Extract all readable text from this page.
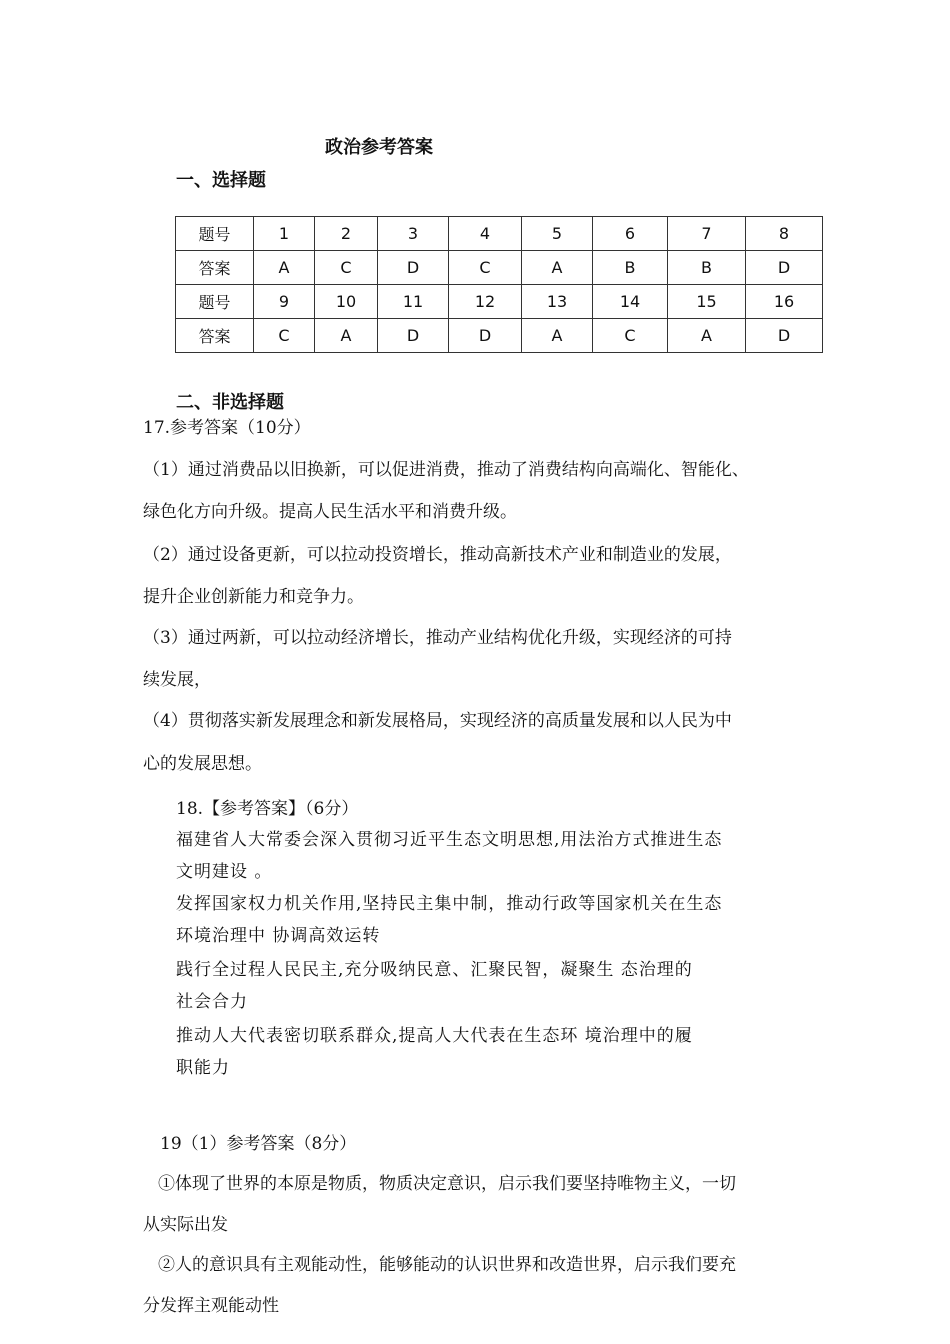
政治参考答案
一、选择题
题号	1	2	3	4	5	6	7	8
答案	A	C	D	C	A	B	B	D
题号	9	10	11	12	13	14	15	16
答案	C	A	D	D	A	C	A	D
二、非选择题
17.参考答案（10分）
（1）通过消费品以旧换新，可以促进消费，推动了消费结构向高端化、智能化、
绿色化方向升级。提高人民生活水平和消费升级。
（2）通过设备更新，可以拉动投资增长，推动高新技术产业和制造业的发展，
提升企业创新能力和竞争力。
（3）通过两新，可以拉动经济增长，推动产业结构优化升级，实现经济的可持
续发展，
（4）贯彻落实新发展理念和新发展格局，实现经济的高质量发展和以人民为中
心的发展思想。
18.【参考答案】（6分）
福建省人大常委会深入贯彻习近平生态文明思想,用法治方式推进生态
文明建设 。
发挥国家权力机关作用,坚持民主集中制，推动行政等国家机关在生态
环境治理中 协调高效运转
践行全过程人民民主,充分吸纳民意、汇聚民智，凝聚生 态治理的
社会合力
推动人大代表密切联系群众,提高人大代表在生态环 境治理中的履
职能力
19（1）参考答案（8分）
①体现了世界的本原是物质，物质决定意识，启示我们要坚持唯物主义，一切
从实际出发
②人的意识具有主观能动性，能够能动的认识世界和改造世界，启示我们要充
分发挥主观能动性
